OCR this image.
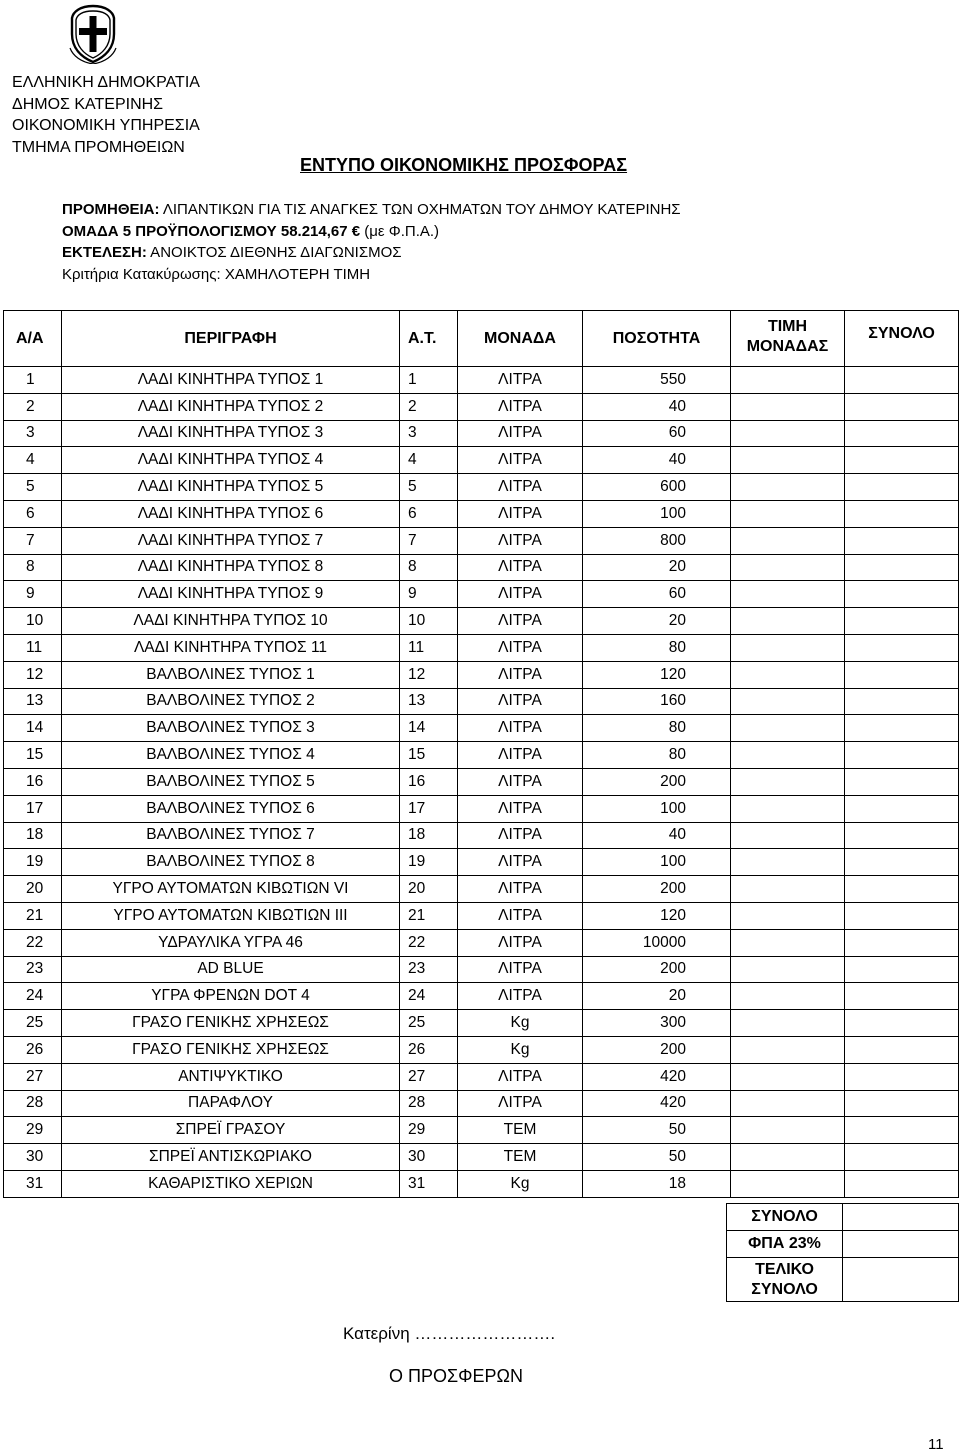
ΕΛΛΗΝΙΚΗ ΔΗΜΟΚΡΑΤΙΑ
ΔΗΜΟΣ ΚΑΤΕΡΙΝΗΣ
ΟΙΚΟΝΟΜΙΚΗ ΥΠΗΡΕΣΙΑ
ΤΜΗΜΑ ΠΡΟΜΗΘΕΙΩΝ
ΕΝΤΥΠΟ ΟΙΚΟΝΟΜΙΚΗΣ ΠΡΟΣΦΟΡΑΣ
ΠΡΟΜΗΘΕΙΑ: ΛΙΠΑΝΤΙΚΩΝ ΓΙΑ ΤΙΣ ΑΝΑΓΚΕΣ ΤΩΝ ΟΧΗΜΑΤΩΝ ΤΟΥ ΔΗΜΟΥ ΚΑΤΕΡΙΝΗΣ
ΟΜΑΔΑ 5 ΠΡΟΫΠΟΛΟΓΙΣΜΟΥ 58.214,67 € (με Φ.Π.Α.)
ΕΚΤΕΛΕΣΗ: ΑΝΟΙΚΤΟΣ ΔΙΕΘΝΗΣ ΔΙΑΓΩΝΙΣΜΟΣ
Κριτήρια Κατακύρωσης: ΧΑΜΗΛΟΤΕΡΗ ΤΙΜΗ
Α/Α	ΠΕΡΙΓΡΑΦΗ	Α.Τ.	ΜΟΝΑΔΑ	ΠΟΣΟΤΗΤΑ	ΤΙΜΗ
ΜΟΝΑΔΑΣ	ΣΥΝΟΛΟ
1	ΛΑΔΙ ΚΙΝΗΤΗΡΑ ΤΥΠΟΣ 1	1	ΛΙΤΡΑ	550		
2	ΛΑΔΙ ΚΙΝΗΤΗΡΑ ΤΥΠΟΣ 2	2	ΛΙΤΡΑ	40		
3	ΛΑΔΙ ΚΙΝΗΤΗΡΑ ΤΥΠΟΣ 3	3	ΛΙΤΡΑ	60		
4	ΛΑΔΙ ΚΙΝΗΤΗΡΑ ΤΥΠΟΣ 4	4	ΛΙΤΡΑ	40		
5	ΛΑΔΙ ΚΙΝΗΤΗΡΑ ΤΥΠΟΣ 5	5	ΛΙΤΡΑ	600		
6	ΛΑΔΙ ΚΙΝΗΤΗΡΑ ΤΥΠΟΣ 6	6	ΛΙΤΡΑ	100		
7	ΛΑΔΙ ΚΙΝΗΤΗΡΑ ΤΥΠΟΣ 7	7	ΛΙΤΡΑ	800		
8	ΛΑΔΙ ΚΙΝΗΤΗΡΑ ΤΥΠΟΣ 8	8	ΛΙΤΡΑ	20		
9	ΛΑΔΙ ΚΙΝΗΤΗΡΑ ΤΥΠΟΣ 9	9	ΛΙΤΡΑ	60		
10	ΛΑΔΙ ΚΙΝΗΤΗΡΑ ΤΥΠΟΣ 10	10	ΛΙΤΡΑ	20		
11	ΛΑΔΙ ΚΙΝΗΤΗΡΑ ΤΥΠΟΣ 11	11	ΛΙΤΡΑ	80		
12	ΒΑΛΒΟΛΙΝΕΣ ΤΥΠΟΣ 1	12	ΛΙΤΡΑ	120		
13	ΒΑΛΒΟΛΙΝΕΣ ΤΥΠΟΣ 2	13	ΛΙΤΡΑ	160		
14	ΒΑΛΒΟΛΙΝΕΣ ΤΥΠΟΣ 3	14	ΛΙΤΡΑ	80		
15	ΒΑΛΒΟΛΙΝΕΣ ΤΥΠΟΣ 4	15	ΛΙΤΡΑ	80		
16	ΒΑΛΒΟΛΙΝΕΣ ΤΥΠΟΣ 5	16	ΛΙΤΡΑ	200		
17	ΒΑΛΒΟΛΙΝΕΣ ΤΥΠΟΣ 6	17	ΛΙΤΡΑ	100		
18	ΒΑΛΒΟΛΙΝΕΣ ΤΥΠΟΣ 7	18	ΛΙΤΡΑ	40		
19	ΒΑΛΒΟΛΙΝΕΣ ΤΥΠΟΣ 8	19	ΛΙΤΡΑ	100		
20	ΥΓΡΟ ΑΥΤΟΜΑΤΩΝ ΚΙΒΩΤΙΩΝ VI	20	ΛΙΤΡΑ	200		
21	ΥΓΡΟ ΑΥΤΟΜΑΤΩΝ ΚΙΒΩΤΙΩΝ III	21	ΛΙΤΡΑ	120		
22	ΥΔΡΑΥΛΙΚΑ ΥΓΡΑ 46	22	ΛΙΤΡΑ	10000		
23	AD BLUE	23	ΛΙΤΡΑ	200		
24	ΥΓΡΑ ΦΡΕΝΩΝ DOT 4	24	ΛΙΤΡΑ	20		
25	ΓΡΑΣΟ ΓΕΝΙΚΗΣ ΧΡΗΣΕΩΣ	25	Kg	300		
26	ΓΡΑΣΟ ΓΕΝΙΚΗΣ ΧΡΗΣΕΩΣ	26	Kg	200		
27	ΑΝΤΙΨΥΚΤΙΚΟ	27	ΛΙΤΡΑ	420		
28	ΠΑΡΑΦΛΟΥ	28	ΛΙΤΡΑ	420		
29	ΣΠΡΕΪ ΓΡΑΣΟΥ	29	ΤΕΜ	50		
30	ΣΠΡΕΪ ΑΝΤΙΣΚΩΡΙΑΚΟ	30	ΤΕΜ	50		
31	ΚΑΘΑΡΙΣΤΙΚΟ ΧΕΡΙΩΝ	31	Kg	18		
ΣΥΝΟΛΟ	
ΦΠΑ 23%	

ΤΕΛΙΚΟ
ΣΥΝΟΛΟ	

Κατερίνη …………………….
Ο ΠΡΟΣΦΕΡΩΝ
11
